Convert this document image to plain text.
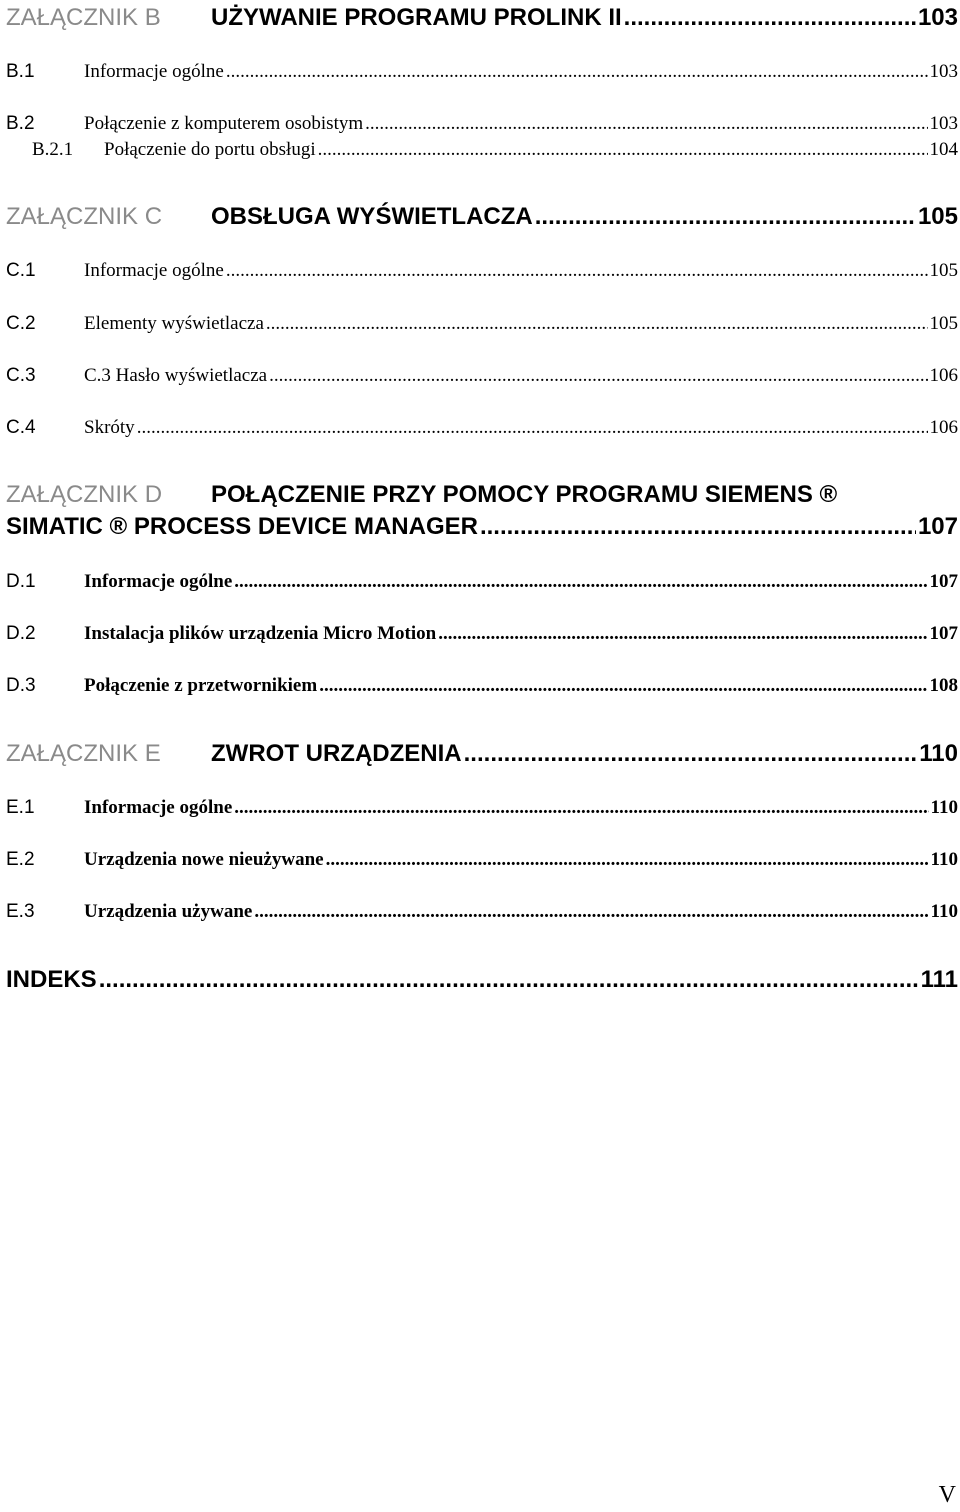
ZAŁĄCZNIK B	UŻYWANIE PROGRAMU PROLINK II .....	103
B.1	Informacje ogólne .....	103
B.2	Połączenie z komputerem osobistym .....	103
B.2.1	Połączenie do portu obsługi .....	104
ZAŁĄCZNIK C	OBSŁUGA WYŚWIETLACZA .....	105
C.1	Informacje ogólne .....	105
C.2	Elementy wyświetlacza .....	105
C.3	C.3 Hasło wyświetlacza .....	106
C.4	Skróty .....	106
ZAŁĄCZNIK D POŁĄCZENIE PRZY POMOCY PROGRAMU SIEMENS ®
SIMATIC ® PROCESS DEVICE MANAGER .....	107
D.1	Informacje ogólne .....	107
D.2	Instalacja plików urządzenia Micro Motion .....	107
D.3	Połączenie z przetwornikiem .....	108
ZAŁĄCZNIK E	ZWROT URZĄDZENIA .....	110
E.1	Informacje ogólne .....	110
E.2	Urządzenia nowe nieużywane .....	110
E.3	Urządzenia używane .....	110
INDEKS .....	111
V
